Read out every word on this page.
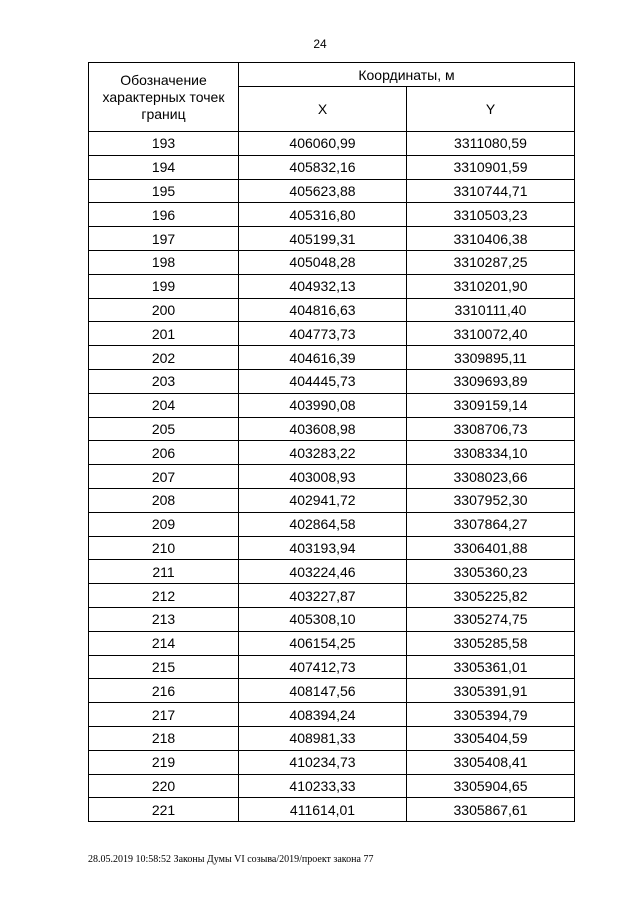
24
Обозначение характерных точек границ	Координаты, м	
	X	Y
193	406060,99	3311080,59
194	405832,16	3310901,59
195	405623,88	3310744,71
196	405316,80	3310503,23
197	405199,31	3310406,38
198	405048,28	3310287,25
199	404932,13	3310201,90
200	404816,63	3310111,40
201	404773,73	3310072,40
202	404616,39	3309895,11
203	404445,73	3309693,89
204	403990,08	3309159,14
205	403608,98	3308706,73
206	403283,22	3308334,10
207	403008,93	3308023,66
208	402941,72	3307952,30
209	402864,58	3307864,27
210	403193,94	3306401,88
211	403224,46	3305360,23
212	403227,87	3305225,82
213	405308,10	3305274,75
214	406154,25	3305285,58
215	407412,73	3305361,01
216	408147,56	3305391,91
217	408394,24	3305394,79
218	408981,33	3305404,59
219	410234,73	3305408,41
220	410233,33	3305904,65
221	411614,01	3305867,61
28.05.2019 10:58:52 Законы Думы VI созыва/2019/проект закона 77
